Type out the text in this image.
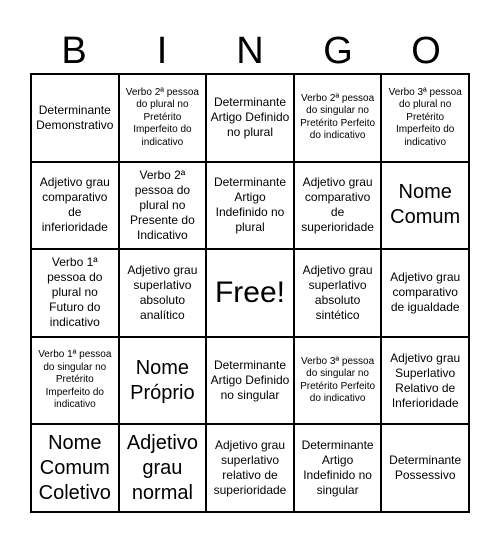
B	I	N	G	O
Determinante Demonstrativo
Verbo 2ª pessoa do plural no Pretérito Imperfeito do indicativo
Determinante Artigo Definido no plural
Verbo 2ª pessoa do singular no Pretérito Perfeito do indicativo
Verbo 3ª pessoa do plural no Pretérito Imperfeito do indicativo
Adjetivo grau comparativo de inferioridade
Verbo 2ª pessoa do plural no Presente do Indicativo
Determinante Artigo Indefinido no plural
Adjetivo grau comparativo de superioridade
Nome Comum
Verbo 1ª pessoa do plural no Futuro do indicativo
Adjetivo grau superlativo absoluto analítico
Free!
Adjetivo grau superlativo absoluto sintético
Adjetivo grau comparativo de igualdade
Verbo 1ª pessoa do singular no Pretérito Imperfeito do indicativo
Nome Próprio
Determinante Artigo Definido no singular
Verbo 3ª pessoa do singular no Pretérito Perfeito do indicativo
Adjetivo grau Superlativo Relativo de Inferioridade
Nome Comum Coletivo
Adjetivo grau normal
Adjetivo grau superlativo relativo de superioridade
Determinante Artigo Indefinido no singular
Determinante Possessivo
